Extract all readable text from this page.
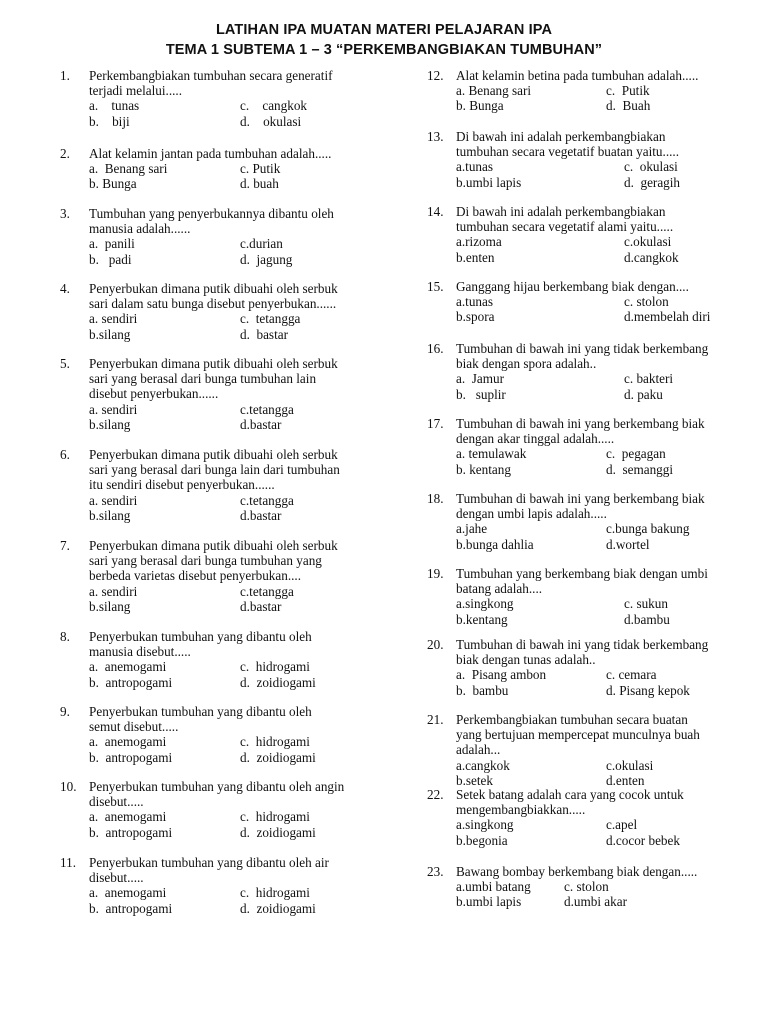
LATIHAN IPA MUATAN MATERI PELAJARAN IPA
TEMA 1 SUBTEMA 1 – 3 “PERKEMBANGBIAKAN TUMBUHAN”
1. Perkembangbiakan tumbuhan secara generatif
terjadi melalui.....
a.    tunas	c.    cangkok
b.    biji	d.    okulasi
2. Alat kelamin jantan pada tumbuhan adalah.....
a.  Benang sari	c. Putik
b. Bunga	d. buah
3. Tumbuhan yang penyerbukannya dibantu oleh
manusia adalah......
a.  panili	c.durian
b.   padi	d.  jagung
4. Penyerbukan dimana putik dibuahi oleh serbuk
sari dalam satu bunga disebut penyerbukan......
a. sendiri	c.  tetangga
b.silang	d.  bastar
5. Penyerbukan dimana putik dibuahi oleh serbuk
sari yang berasal dari bunga tumbuhan lain
disebut penyerbukan......
a. sendiri	c.tetangga
b.silang	d.bastar
6. Penyerbukan dimana putik dibuahi oleh serbuk
sari yang berasal dari bunga lain dari tumbuhan
itu sendiri disebut penyerbukan......
a. sendiri	c.tetangga
b.silang	d.bastar
7. Penyerbukan dimana putik dibuahi oleh serbuk
sari yang berasal dari bunga tumbuhan yang
berbeda varietas disebut penyerbukan....
a. sendiri	c.tetangga
b.silang	d.bastar
8. Penyerbukan tumbuhan yang dibantu oleh
manusia disebut.....
a.  anemogami	c.  hidrogami
b.  antropogami	d.  zoidiogami
9. Penyerbukan tumbuhan yang dibantu oleh
semut disebut.....
a.  anemogami	c.  hidrogami
b.  antropogami	d.  zoidiogami
10. Penyerbukan tumbuhan yang dibantu oleh angin
disebut.....
a.  anemogami	c.  hidrogami
b.  antropogami	d.  zoidiogami
11. Penyerbukan tumbuhan yang dibantu oleh air
disebut.....
a.  anemogami	c.  hidrogami
b.  antropogami	d.  zoidiogami
12. Alat kelamin betina pada tumbuhan adalah.....
a. Benang sari	c.  Putik
b. Bunga	d.  Buah
13. Di bawah ini adalah perkembangbiakan
tumbuhan secara vegetatif buatan yaitu.....
a.tunas	c.  okulasi
b.umbi lapis	d.  geragih
14. Di bawah ini adalah perkembangbiakan
tumbuhan secara vegetatif alami yaitu.....
a.rizoma	c.okulasi
b.enten	d.cangkok
15. Ganggang hijau berkembang biak dengan....
a.tunas	c. stolon
b.spora	d.membelah diri
16. Tumbuhan di bawah ini yang tidak berkembang
biak dengan spora adalah..
a.  Jamur	c. bakteri
b.   suplir	d. paku
17. Tumbuhan di bawah ini yang berkembang biak
dengan akar tinggal adalah.....
a. temulawak	c.  pegagan
b. kentang	d.  semanggi
18. Tumbuhan di bawah ini yang berkembang biak
dengan umbi lapis adalah.....
a.jahe	c.bunga bakung
b.bunga dahlia	d.wortel
19. Tumbuhan yang berkembang biak dengan umbi
batang adalah....
a.singkong	c. sukun
b.kentang	d.bambu
20. Tumbuhan di bawah ini yang tidak berkembang
biak dengan tunas adalah..
a.  Pisang ambon	c. cemara
b.  bambu	d. Pisang kepok
21. Perkembangbiakan tumbuhan secara buatan
yang bertujuan mempercepat munculnya buah
adalah...
a.cangkok	c.okulasi
b.setek	d.enten
22. Setek batang adalah cara yang cocok untuk
mengembangbiakkan.....
a.singkong	c.apel
b.begonia	d.cocor bebek
23. Bawang bombay berkembang biak dengan.....
a.umbi batang	c. stolon
b.umbi lapis	d.umbi akar
